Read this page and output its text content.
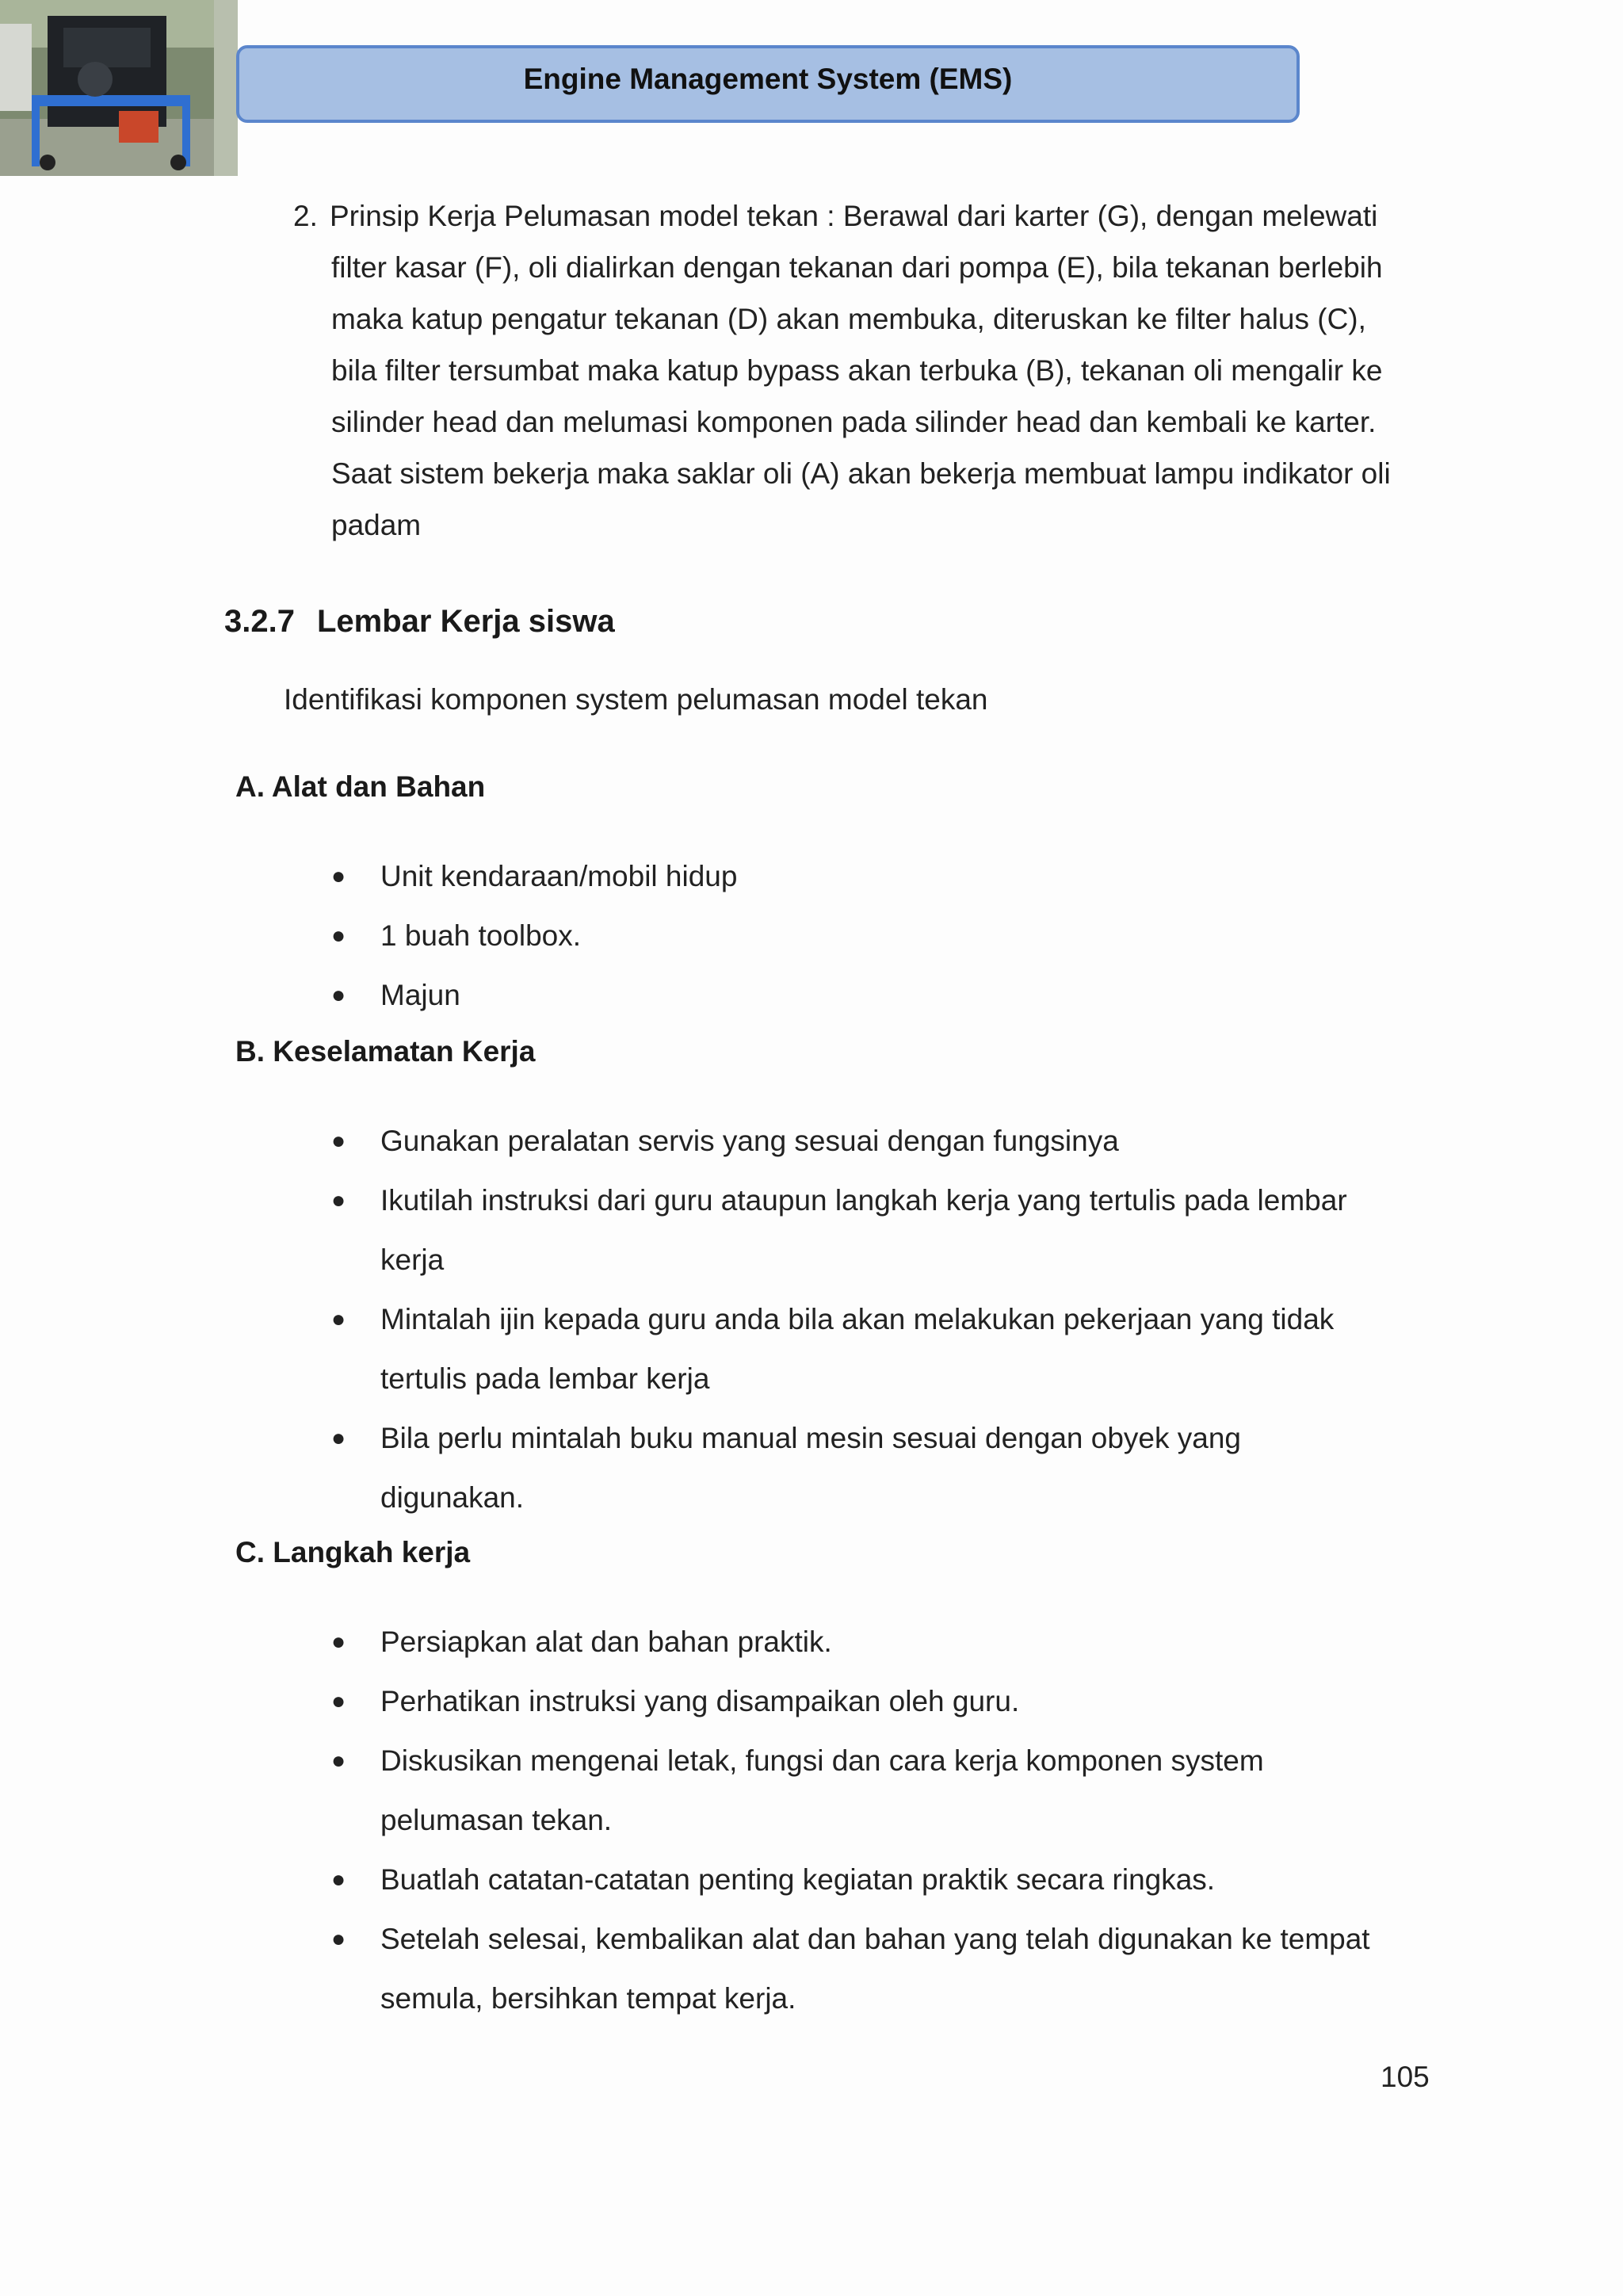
Engine Management System (EMS)
2. Prinsip Kerja Pelumasan model tekan : Berawal dari karter (G), dengan melewati
filter kasar (F), oli dialirkan dengan tekanan dari pompa (E), bila tekanan berlebih
maka katup pengatur tekanan (D) akan membuka, diteruskan ke filter halus (C),
bila filter tersumbat maka katup bypass akan terbuka (B), tekanan oli mengalir ke
silinder head dan melumasi komponen pada silinder head dan kembali ke karter.
Saat sistem bekerja maka saklar oli (A) akan bekerja membuat lampu indikator oli
padam
3.2.7 Lembar Kerja siswa
Identifikasi komponen system pelumasan model tekan
A. Alat dan Bahan
● Unit kendaraan/mobil hidup
● 1 buah toolbox.
● Majun
B. Keselamatan Kerja
● Gunakan peralatan servis yang sesuai dengan fungsinya
● Ikutilah instruksi dari guru ataupun langkah kerja yang tertulis pada lembar
kerja
● Mintalah ijin kepada guru anda bila akan melakukan pekerjaan yang tidak
tertulis pada lembar kerja
● Bila perlu mintalah buku manual mesin sesuai dengan obyek yang
digunakan.
C. Langkah kerja
● Persiapkan alat dan bahan praktik.
● Perhatikan instruksi yang disampaikan oleh guru.
● Diskusikan mengenai letak, fungsi dan cara kerja komponen system
pelumasan tekan.
● Buatlah catatan-catatan penting kegiatan praktik secara ringkas.
● Setelah selesai, kembalikan alat dan bahan yang telah digunakan ke tempat
semula, bersihkan tempat kerja.
105
